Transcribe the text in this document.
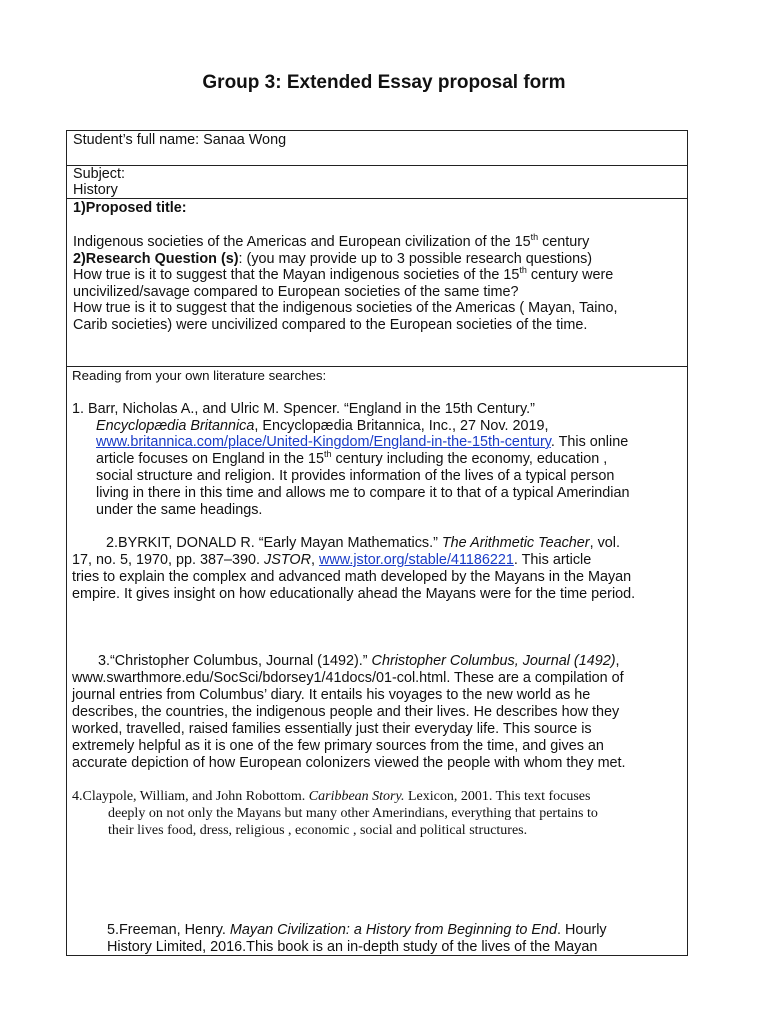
Group 3: Extended Essay proposal form
Student’s full name: Sanaa Wong
Subject:
History
1)Proposed title:
Indigenous societies of the Americas and European civilization of the 15th century
2)Research Question (s): (you may provide up to 3 possible research questions)
How true is it to suggest that the Mayan indigenous societies of the 15th century were
uncivilized/savage compared to European societies of the same time?
How true is it to suggest that the indigenous societies of the Americas ( Mayan, Taino,
Carib societies) were uncivilized compared to the European societies of the time.
Reading from your own literature searches:
1. Barr, Nicholas A., and Ulric M. Spencer. “England in the 15th Century.”
Encyclopædia Britannica, Encyclopædia Britannica, Inc., 27 Nov. 2019,
www.britannica.com/place/United-Kingdom/England-in-the-15th-century. This online
article focuses on England in the 15th century including the economy, education ,
social structure and religion. It provides information of the lives of a typical person
living in there in this time and allows me to compare it to that of a typical Amerindian
under the same headings.
2.BYRKIT, DONALD R. “Early Mayan Mathematics.” The Arithmetic Teacher, vol.
17, no. 5, 1970, pp. 387–390. JSTOR, www.jstor.org/stable/41186221. This article
tries to explain the complex and advanced math developed by the Mayans in the Mayan
empire. It gives insight on how educationally ahead the Mayans were for the time period.
3.“Christopher Columbus, Journal (1492).” Christopher Columbus, Journal (1492),
www.swarthmore.edu/SocSci/bdorsey1/41docs/01-col.html. These are a compilation of
journal entries from Columbus’ diary. It entails his voyages to the new world as he
describes, the countries, the indigenous people and their lives. He describes how they
worked, travelled, raised families essentially just their everyday life. This source is
extremely helpful as it is one of the few primary sources from the time, and gives an
accurate depiction of how European colonizers viewed the people with whom they met.
4.Claypole, William, and John Robottom. Caribbean Story. Lexicon, 2001. This text focuses
deeply on not only the Mayans but many other Amerindians, everything that pertains to
their lives food, dress, religious , economic , social and political structures.
5.Freeman, Henry. Mayan Civilization: a History from Beginning to End. Hourly
History Limited, 2016.This book is an in-depth study of the lives of the Mayan
